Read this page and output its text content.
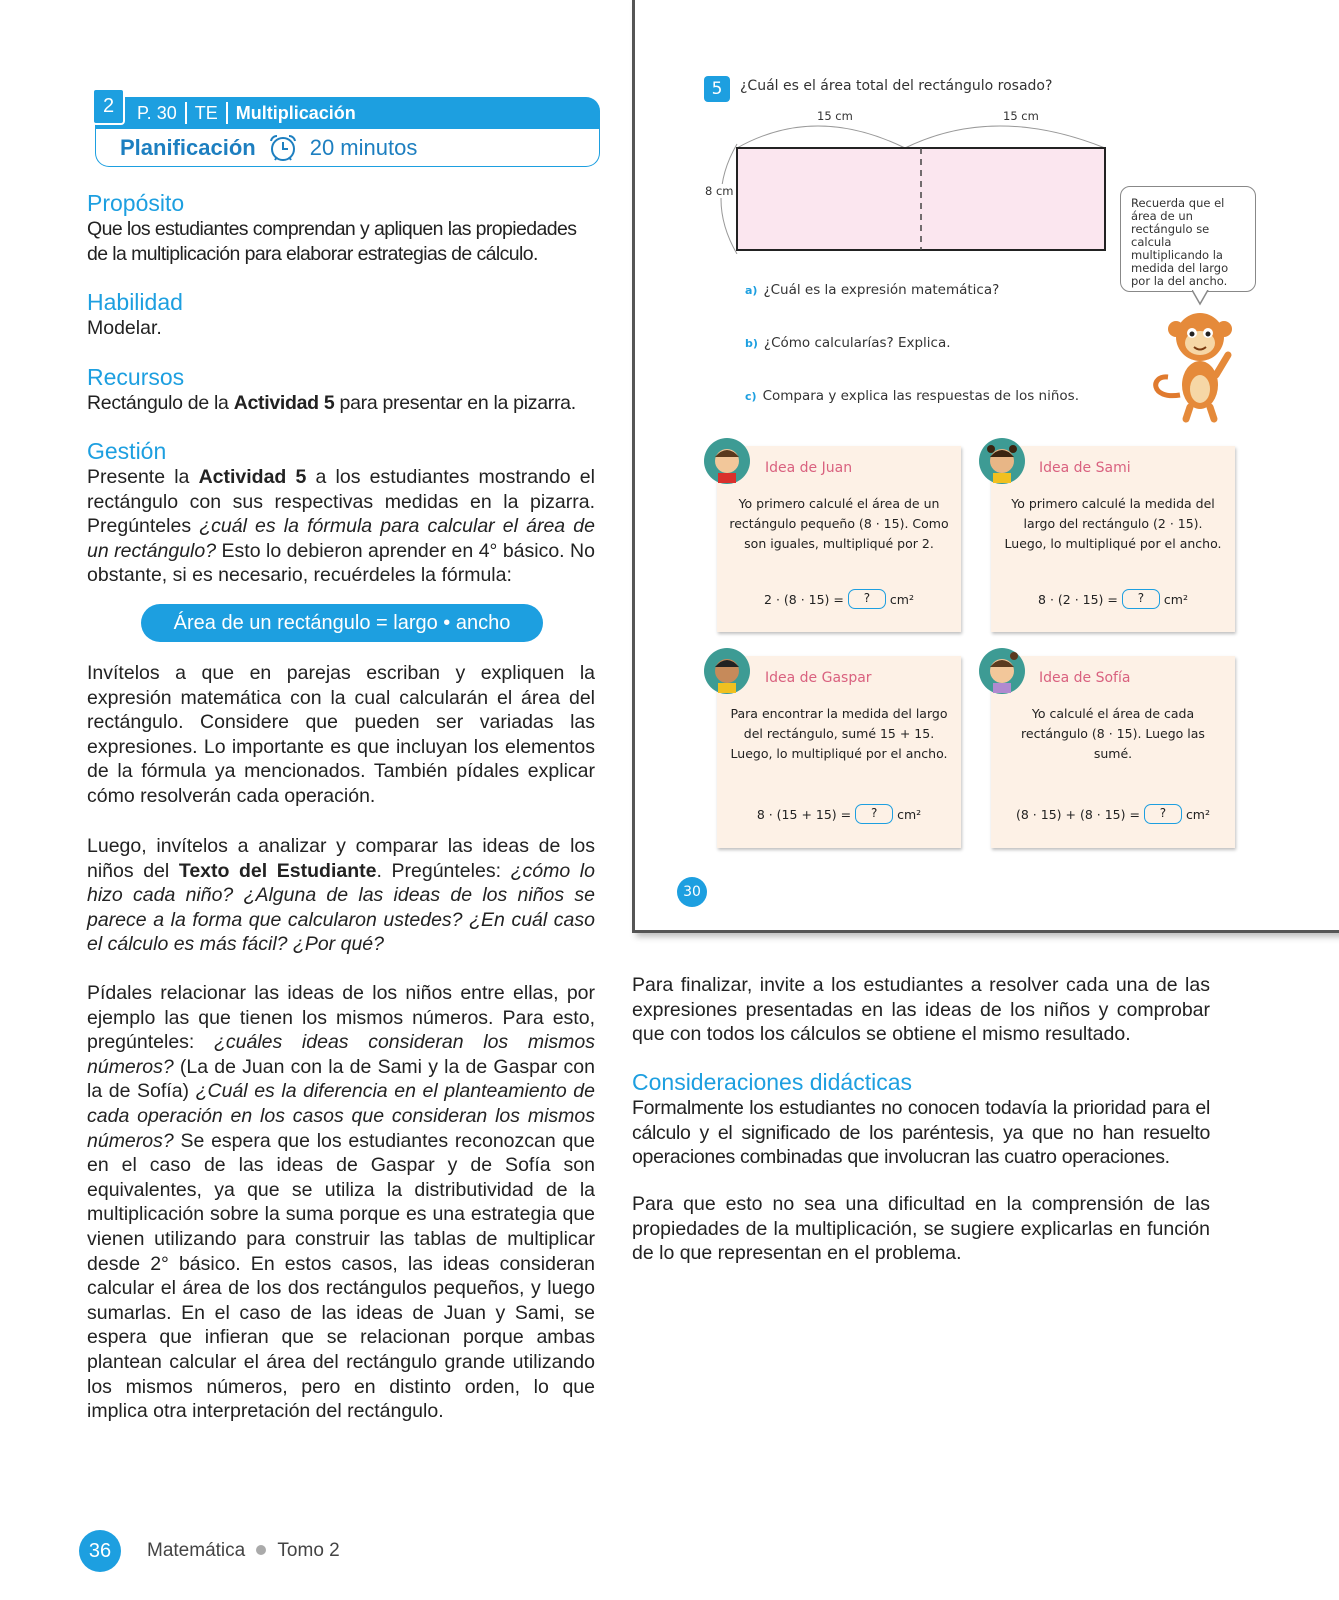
P. 30 TE Multiplicación
2
Planificación 20 minutos
Propósito
Que los estudiantes comprendan y apliquen las propiedades de la multiplicación para elaborar estrategias de cálculo.
Habilidad
Modelar.
Recursos
Rectángulo de la Actividad 5 para presentar en la pizarra.
Gestión
Presente la Actividad 5 a los estudiantes mostrando el rectángulo con sus respectivas medidas en la pizarra. Pregúnteles ¿cuál es la fórmula para calcular el área de un rectángulo? Esto lo debieron aprender en 4° básico. No obstante, si es necesario, recuérdeles la fórmula:
Área de un rectángulo = largo • ancho
Invítelos a que en parejas escriban y expliquen la expresión matemática con la cual calcularán el área del rectángulo. Considere que pueden ser variadas las expresiones. Lo importante es que incluyan los elementos de la fórmula ya mencionados. También pídales explicar cómo resolverán cada operación.
Luego, invítelos a analizar y comparar las ideas de los niños del Texto del Estudiante. Pregúnteles: ¿cómo lo hizo cada niño? ¿Alguna de las ideas de los niños se parece a la forma que calcularon ustedes? ¿En cuál caso el cálculo es más fácil? ¿Por qué?
Pídales relacionar las ideas de los niños entre ellas, por ejemplo las que tienen los mismos números. Para esto, pregúnteles: ¿cuáles ideas consideran los mismos números? (La de Juan con la de Sami y la de Gaspar con la de Sofía) ¿Cuál es la diferencia en el planteamiento de cada operación en los casos que consideran los mismos números? Se espera que los estudiantes reconozcan que en el caso de las ideas de Gaspar y de Sofía son equivalentes, ya que se utiliza la distributividad de la multiplicación sobre la suma porque es una estrategia que vienen utilizando para construir las tablas de multiplicar desde 2° básico. En estos casos, las ideas consideran calcular el área de los dos rectángulos pequeños, y luego sumarlas. En el caso de las ideas de Juan y Sami, se espera que infieran que se relacionan porque ambas plantean calcular el área del rectángulo grande utilizando los mismos números, pero en distinto orden, lo que implica otra interpretación del rectángulo.
5	¿Cuál es el área total del rectángulo rosado?
15 cm	15 cm
8 cm
Recuerda que el área de un rectángulo se calcula multiplicando la medida del largo por la del ancho.
a) ¿Cuál es la expresión matemática?
b) ¿Cómo calcularías? Explica.
c) Compara y explica las respuestas de los niños.
Idea de Juan
Yo primero calculé el área de un rectángulo pequeño (8 · 15). Como son iguales, multipliqué por 2.
2 · (8 · 15) =	?	cm²
Idea de Sami
Yo primero calculé la medida del largo del rectángulo (2 · 15). Luego, lo multipliqué por el ancho.
8 · (2 · 15) =	?	cm²
Idea de Gaspar
Para encontrar la medida del largo del rectángulo, sumé 15 + 15. Luego, lo multipliqué por el ancho.
8 · (15 + 15) =	?	cm²
Idea de Sofía
Yo calculé el área de cada rectángulo (8 · 15). Luego las sumé.
(8 · 15) + (8 · 15) =	?	cm²
30
Para finalizar, invite a los estudiantes a resolver cada una de las expresiones presentadas en las ideas de los niños y comprobar que con todos los cálculos se obtiene el mismo resultado.
Consideraciones didácticas
Formalmente los estudiantes no conocen todavía la prioridad para el cálculo y el significado de los paréntesis, ya que no han resuelto operaciones combinadas que involucran las cuatro operaciones.
Para que esto no sea una dificultad en la comprensión de las propiedades de la multiplicación, se sugiere explicarlas en función de lo que representan en el problema.
36	Matemática Tomo 2
